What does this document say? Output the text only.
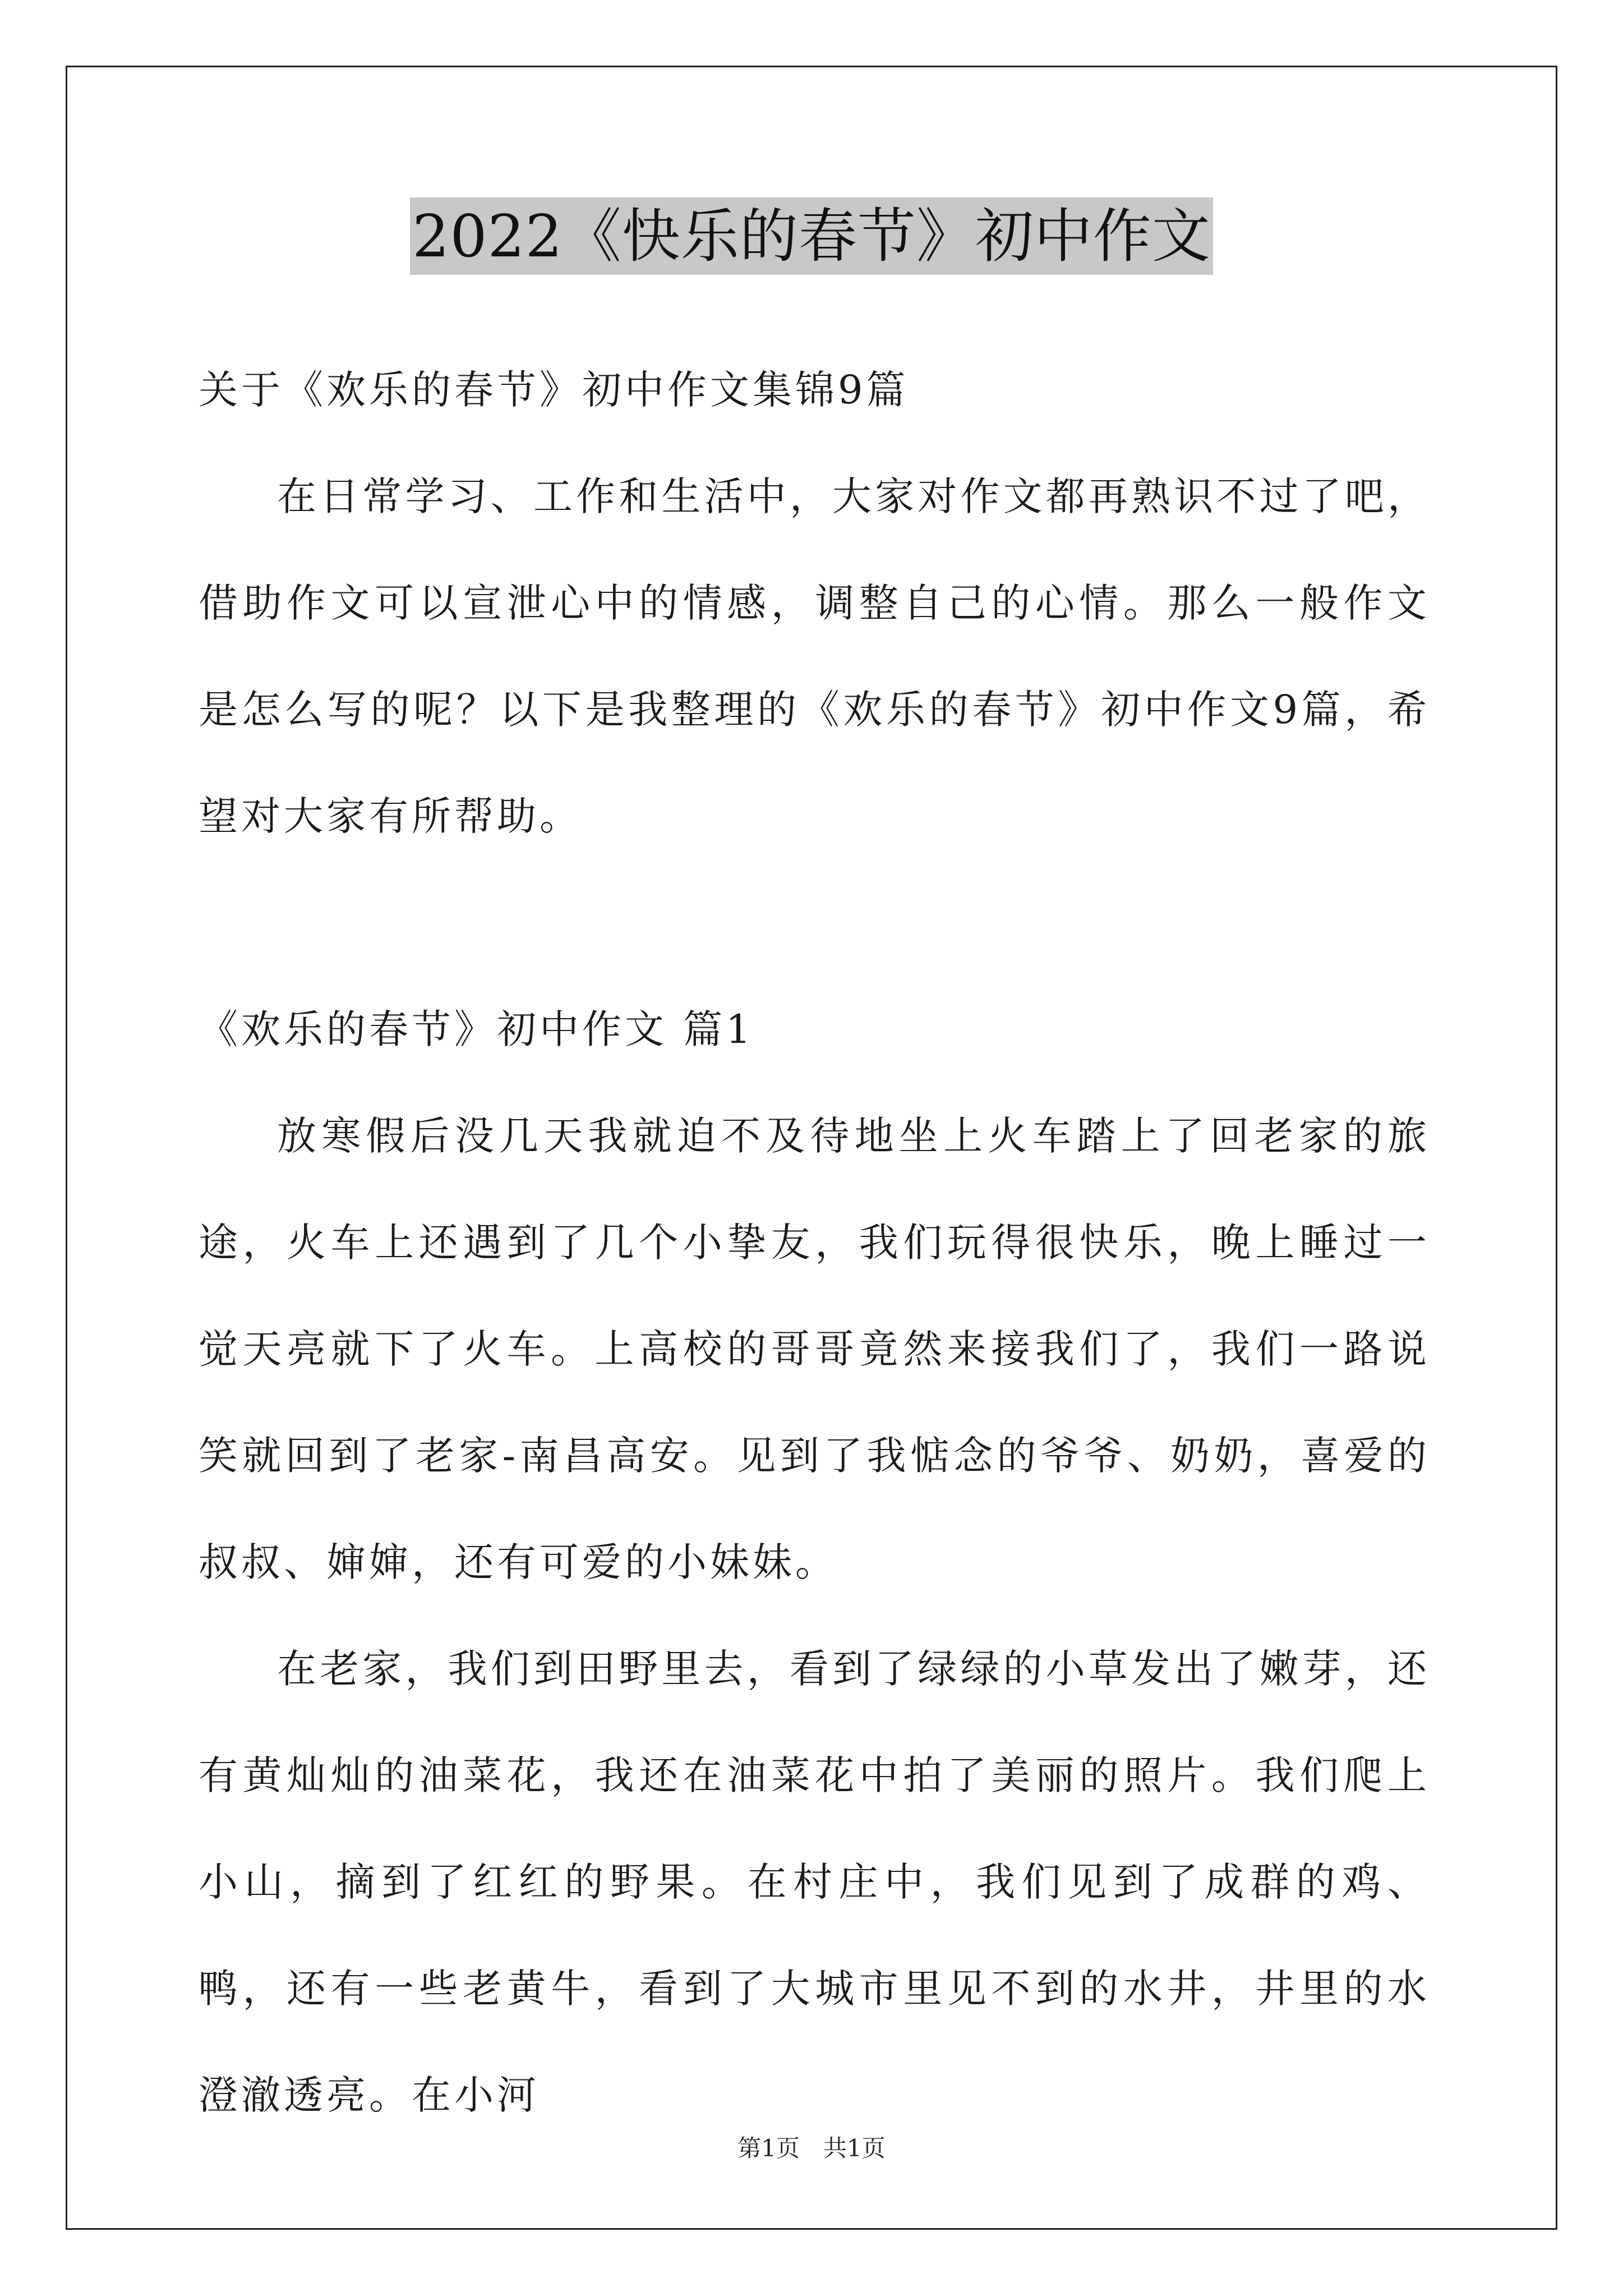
2022《快乐的春节》初中作文
关于《欢乐的春节》初中作文集锦9篇

在日常学习、工作和生活中，大家对作文都再熟识不过了吧，借助作文可以宣泄心中的情感，调整自己的心情。那么一般作文是怎么写的呢？以下是我整理的《欢乐的春节》初中作文9篇，希望对大家有所帮助。

《欢乐的春节》初中作文 篇1

放寒假后没几天我就迫不及待地坐上火车踏上了回老家的旅途，火车上还遇到了几个小挚友，我们玩得很快乐，晚上睡过一觉天亮就下了火车。上高校的哥哥竟然来接我们了，我们一路说笑就回到了老家-南昌高安。见到了我惦念的爷爷、奶奶，喜爱的叔叔、婶婶，还有可爱的小妹妹。

在老家，我们到田野里去，看到了绿绿的小草发出了嫩芽，还有黄灿灿的油菜花，我还在油菜花中拍了美丽的照片。我们爬上小山，摘到了红红的野果。在村庄中，我们见到了成群的鸡、鸭，还有一些老黄牛，看到了大城市里见不到的水井，井里的水澄澈透亮。在小河

第1页　共1页
